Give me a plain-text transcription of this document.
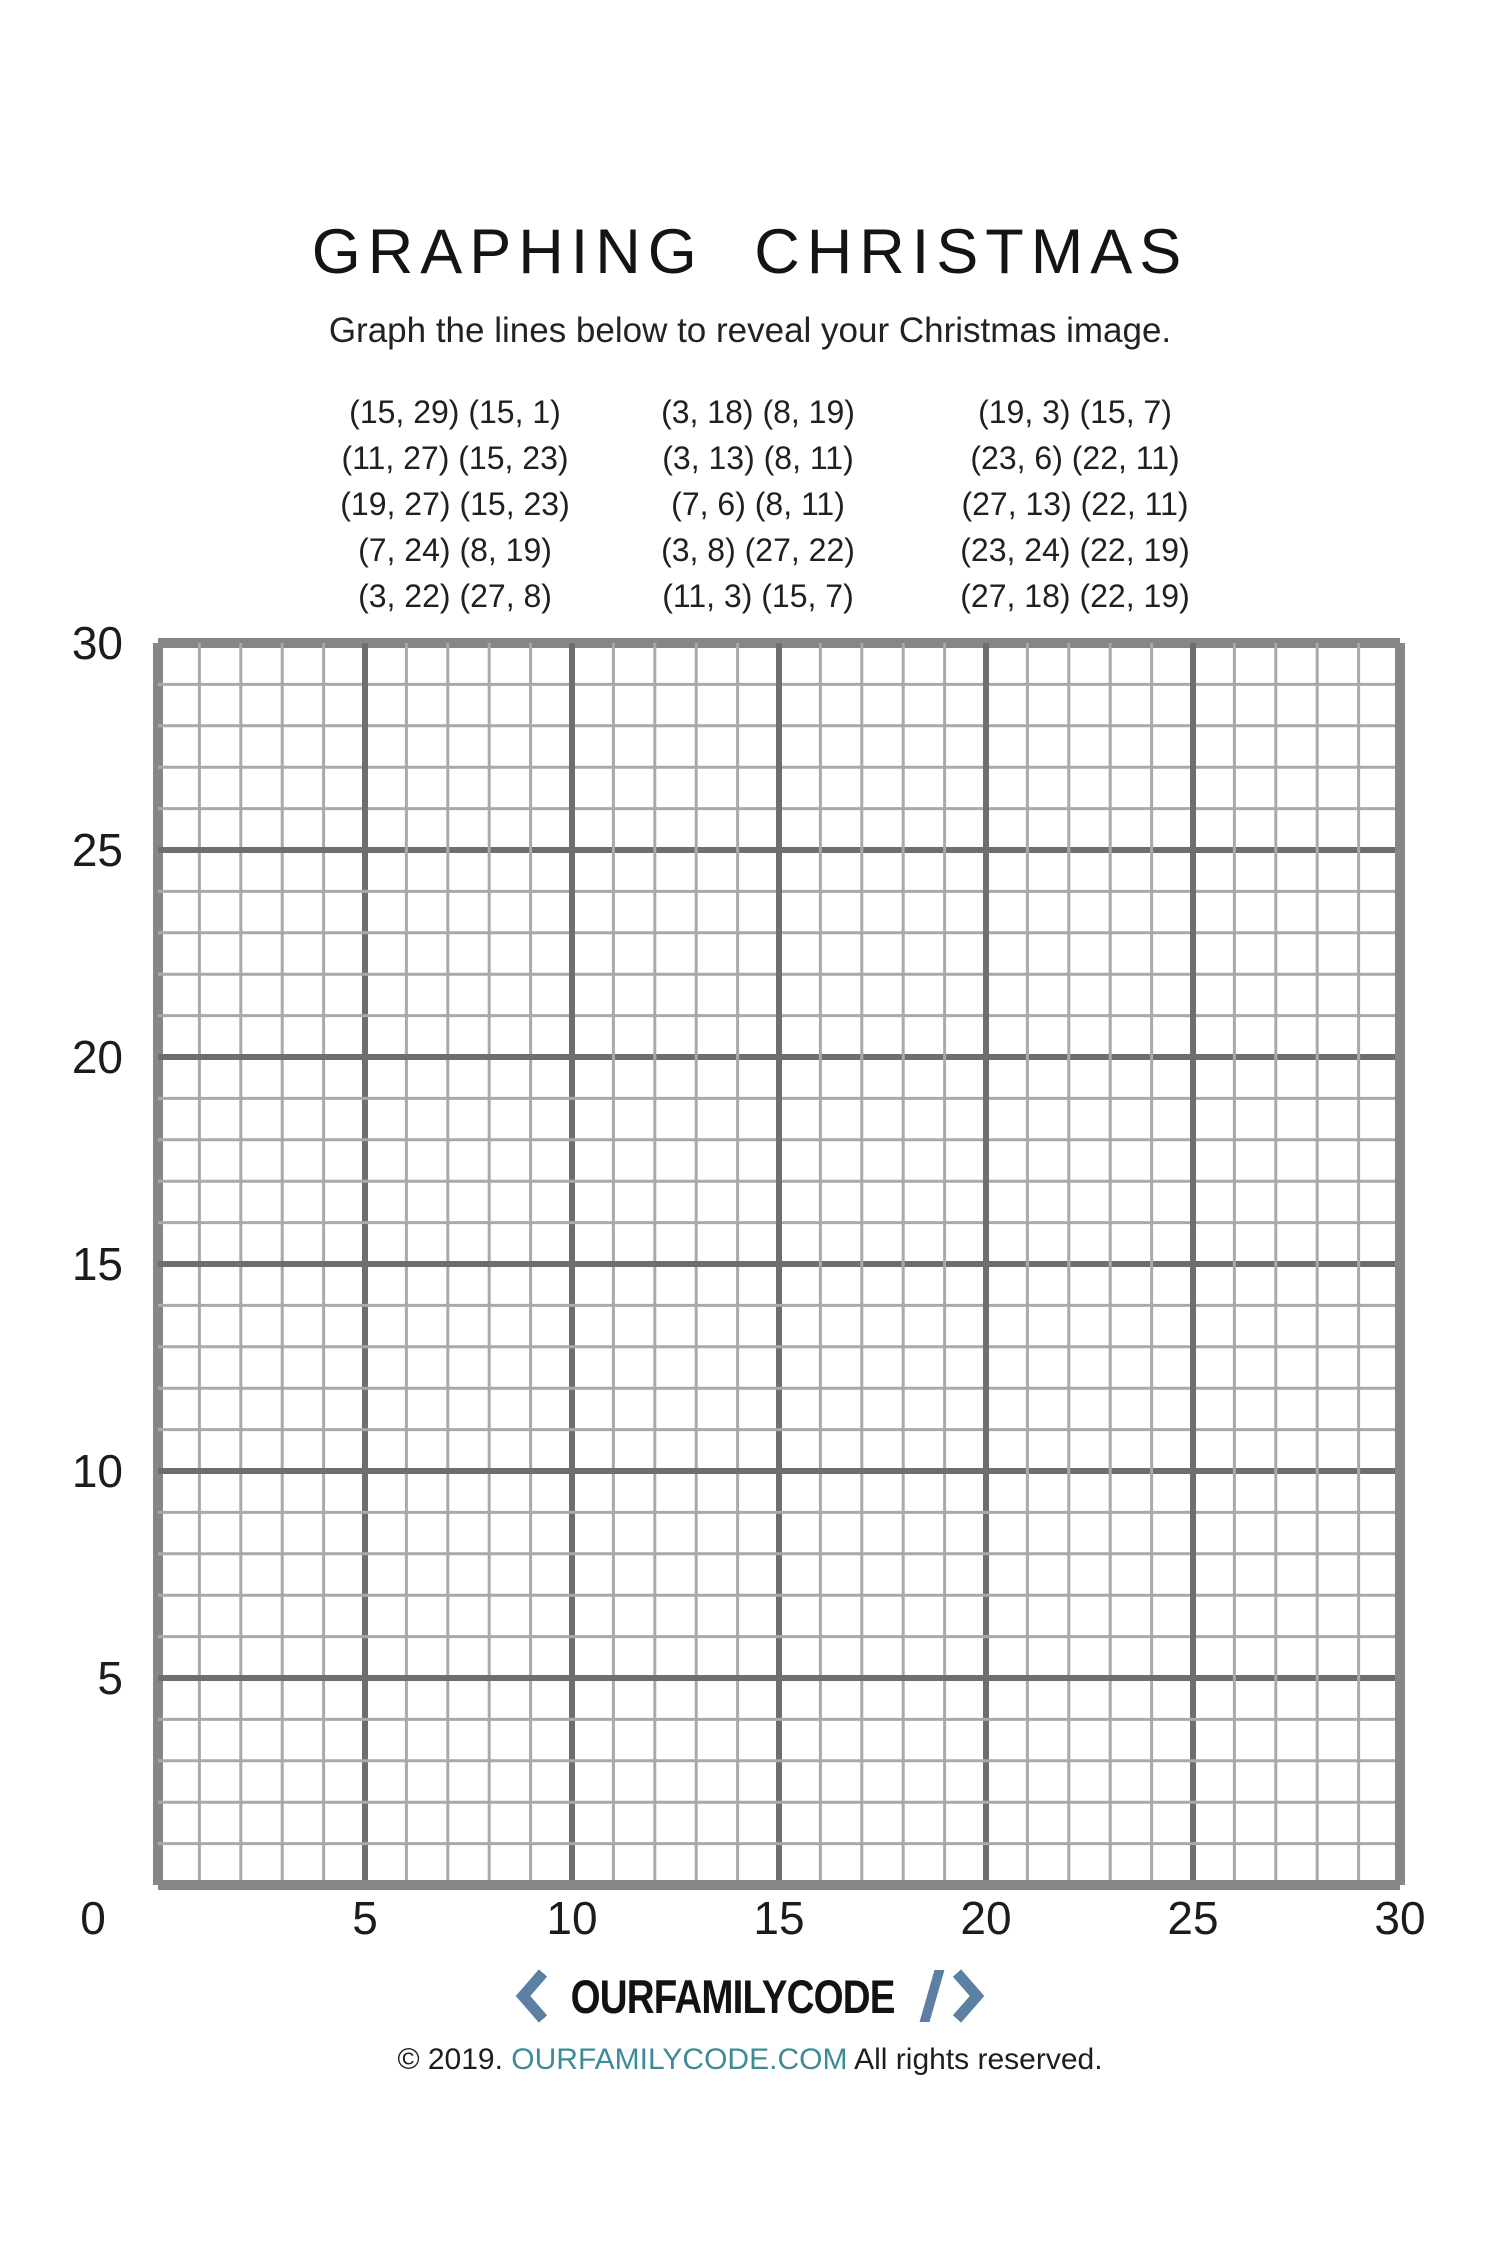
GRAPHING CHRISTMAS
Graph the lines below to reveal your Christmas image.
(15, 29) (15, 1)
(11, 27) (15, 23)
(19, 27) (15, 23)
(7, 24) (8, 19)
(3, 22) (27, 8)
(3, 18) (8, 19)
(3, 13) (8, 11)
(7, 6) (8, 11)
(3, 8) (27, 22)
(11, 3) (15, 7)
(19, 3) (15, 7)
(23, 6) (22, 11)
(27, 13) (22, 11)
(23, 24) (22, 19)
(27, 18) (22, 19)
0	5	10	15	20	25	30
30
25
20
15
10
5
OURFAMILYCODE
© 2019. OURFAMILYCODE.COM All rights reserved.
